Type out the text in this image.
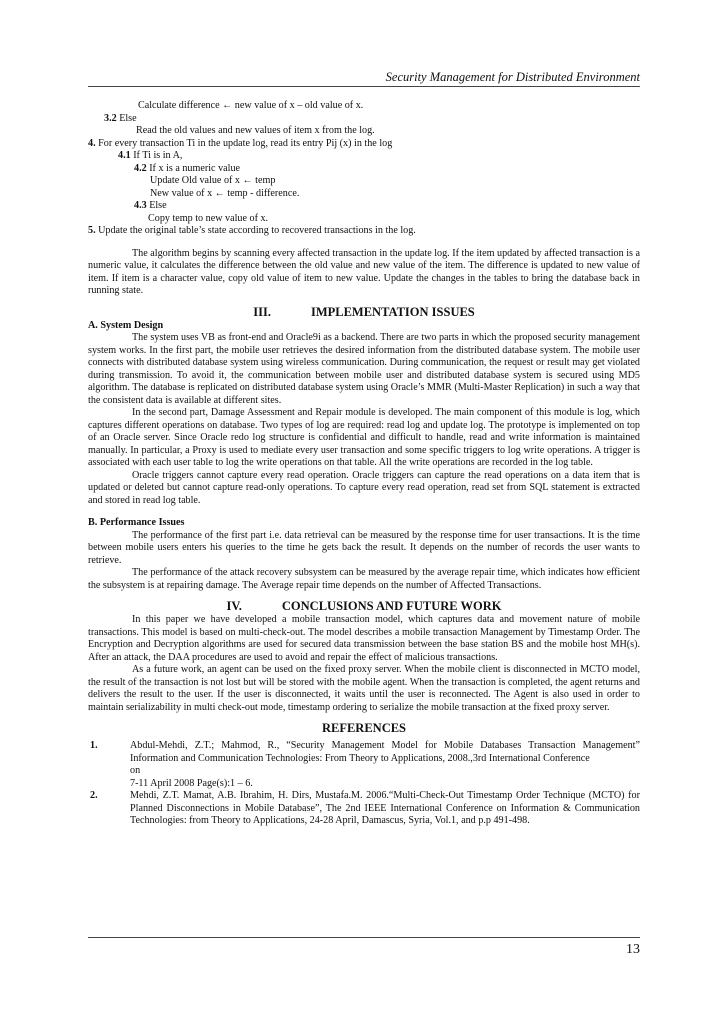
Security Management for Distributed Environment

Calculate difference ← new value of x – old value of x.

3.2 Else

Read the old values and new values of item x from the log.

4. For every transaction Ti in the update log, read its entry Pij (x) in the log

4.1 If Ti is in A,

4.2 If x is a numeric value

Update Old value of x ← temp

New value of x ← temp - difference.

4.3 Else

Copy temp to new value of x.

5. Update the original table’s state according to recovered transactions in the log.

The algorithm begins by scanning every affected transaction in the update log. If the item updated by affected transaction is a numeric value, it calculates the difference between the old value and new value of the item. The difference is updated to new value of item. If item is a character value, copy old value of item to new value. Update the changes in the tables to bring the database back in running state.

III.	IMPLEMENTATION ISSUES

A. System Design

The system uses VB as front-end and Oracle9i as a backend. There are two parts in which the proposed security management system works. In the first part, the mobile user retrieves the desired information from the distributed database system. The mobile user connects with distributed database system using wireless communication. During communication, the request or result may get violated during transmission. To avoid it, the communication between mobile user and distributed database system is secured using MD5 algorithm. The database is replicated on distributed database system using Oracle’s MMR (Multi-Master Replication) in such a way that the consistent data is available at different sites.

In the second part, Damage Assessment and Repair module is developed. The main component of this module is log, which captures different operations on database. Two types of log are required: read log and update log. The prototype is implemented on top of an Oracle server. Since Oracle redo log structure is confidential and difficult to handle, read and write information is maintained manually. In particular, a Proxy is used to mediate every user transaction and some specific triggers to log write operations. A trigger is associated with each user table to log the write operations on that table. All the write operations are recorded in the log table.

Oracle triggers cannot capture every read operation. Oracle triggers can capture the read operations on a data item that is updated or deleted but cannot capture read-only operations. To capture every read operation, read set from SQL statement is extracted and stored in read log table.

B. Performance Issues

The performance of the first part i.e. data retrieval can be measured by the response time for user transactions. It is the time between mobile users enters his queries to the time he gets back the result. It depends on the number of records the user wants to retrieve.

The performance of the attack recovery subsystem can be measured by the average repair time, which indicates how efficient the subsystem is at repairing damage. The Average repair time depends on the number of Affected Transactions.

IV.	CONCLUSIONS AND FUTURE WORK

In this paper we have developed a mobile transaction model, which captures data and movement nature of mobile transactions. This model is based on multi-check-out. The model describes a mobile transaction Management by Timestamp Order. The Encryption and Decryption algorithms are used for secured data transmission between the base station BS and the mobile host MH(s). After an attack, the DAA procedures are used to avoid and repair the effect of malicious transactions.

As a future work, an agent can be used on the fixed proxy server. When the mobile client is disconnected in MCTO model, the result of the transaction is not lost but will be stored with the mobile agent. When the transaction is completed, the agent returns and delivers the result to the user. If the user is disconnected, it waits until the user is reconnected. The Agent is also used in order to maintain serializability in multi check-out mode, timestamp ordering to serialize the mobile transaction at the fixed proxy server.

REFERENCES
1.	Abdul-Mehdi, Z.T.; Mahmod, R., “Security Management Model for Mobile Databases Transaction Management” Information and Communication Technologies: From Theory to Applications, 2008.,3rd International Conference

on

7-11 April 2008 Page(s):1 – 6.

2.	Mehdi, Z.T. Mamat, A.B. Ibrahim, H. Dirs, Mustafa.M. 2006.“Multi-Check-Out Timestamp Order Technique (MCTO) for Planned Disconnections in Mobile Database”, The 2nd IEEE International Conference on Information & Communication Technologies: from Theory to Applications, 24-28 April, Damascus, Syria, Vol.1, and p.p 491-498.

13
